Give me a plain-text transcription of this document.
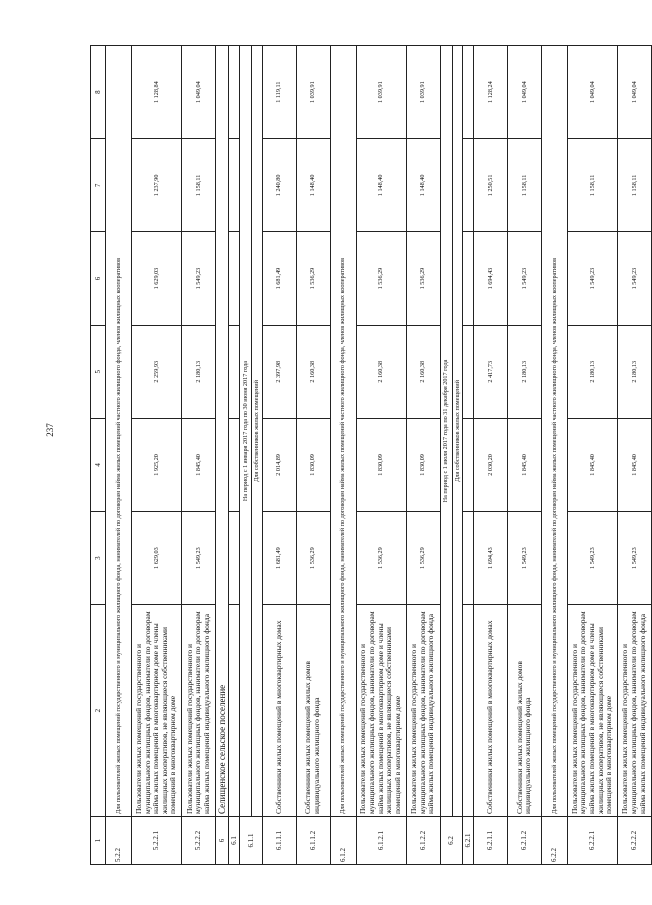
237
1	2	3	4	5	6	7	8
5.2.2	Для пользователей жилых помещений государственного и муниципального жилищного фонда, нанимателей по договорам найма жилых помещений частного жилищного фонда, членов жилищных кооперативов						
5.2.2.1	Пользователи жилых помещений государственного и муниципального жилищных фондов, наниматели по договорам найма жилых помещений в многоквартирном доме и члены жилищных кооперативов, не являющиеся собственниками помещений в многоквартирном доме	1 629,03	1 925,20	2 259,93	1 629,03	1 237,90	1 128,84
5.2.2.2	Пользователи жилых помещений государственного и муниципального жилищных фондов, наниматели по договорам найма жилых помещений индивидуального жилищного фонда	1 549,23	1 845,40	2 180,13	1 549,23	1 158,11	1 049,04
6	Селищенское сельское поселение						
6.1							
6.1.1	На период с 1 января 2017 года по 30 июня 2017 года						
	Для собственников жилых помещений						
6.1.1.1	Собственники жилых помещений в многоквартирных домах	1 681,49	2 014,89	2 397,98	1 681,49	1 240,80	1 119,11
6.1.1.2	Собственники жилых помещений жилых домов индивидуального жилищного фонда	1 536,29	1 830,09	2 160,38	1 536,29	1 148,40	1 039,91
6.1.2	Для пользователей жилых помещений государственного и муниципального жилищного фонда, нанимателей по договорам найма жилых помещений частного жилищного фонда, членов жилищных кооперативов						
6.1.2.1	Пользователи жилых помещений государственного и муниципального жилищных фондов, наниматели по договорам найма жилых помещений в многоквартирном доме и члены жилищных кооперативов, не являющиеся собственниками помещений в многоквартирном доме	1 536,29	1 830,09	2 160,38	1 536,29	1 148,40	1 039,91
6.1.2.2	Пользователи жилых помещений государственного и муниципального жилищных фондов, наниматели по договорам найма жилых помещений индивидуального жилищного фонда	1 536,29	1 830,09	2 160,38	1 536,29	1 148,40	1 039,91
6.2	На период с 1 июля 2017 года по 31 декабря 2017 года						
	Для собственников жилых помещений						
6.2.1							
6.2.1.1	Собственники жилых помещений в многоквартирных домах	1 694,43	2 030,20	2 417,73	1 694,43	1 250,51	1 128,24
6.2.1.2	Собственники жилых помещений жилых домов индивидуального жилищного фонда	1 549,23	1 845,40	2 180,13	1 549,23	1 158,11	1 049,04
6.2.2	Для пользователей жилых помещений государственного и муниципального жилищного фонда, нанимателей по договорам найма жилых помещений частного жилищного фонда, членов жилищных кооперативов						
6.2.2.1	Пользователи жилых помещений государственного и муниципального жилищных фондов, наниматели по договорам найма жилых помещений в многоквартирном доме и члены жилищных кооперативов, не являющиеся собственниками помещений в многоквартирном доме	1 549,23	1 845,40	2 180,13	1 549,23	1 158,11	1 049,04
6.2.2.2	Пользователи жилых помещений государственного и муниципального жилищных фондов, наниматели по договорам найма жилых помещений индивидуального жилищного фонда	1 549,23	1 845,40	2 180,13	1 549,23	1 158,11	1 049,04
